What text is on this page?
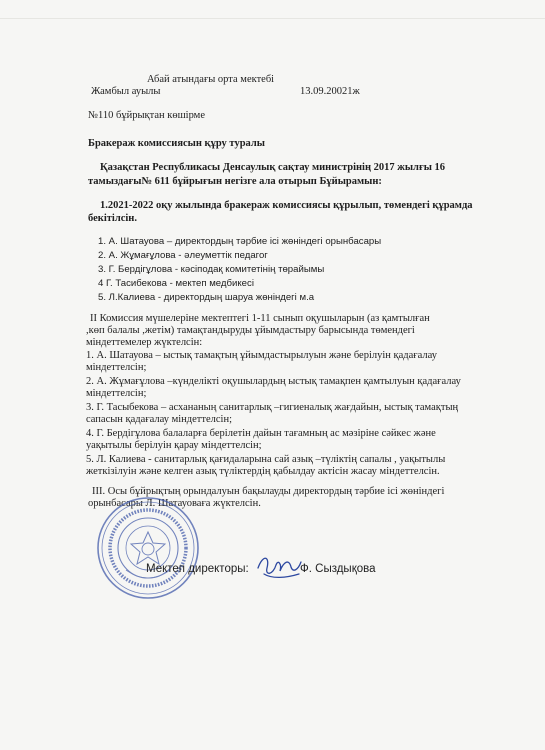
Абай атындағы орта мектебі
Жамбыл ауылы	13.09.20021ж
№110 бұйрықтан көшірме
Бракераж комиссиясын құру туралы
Қазақстан Республикасы Денсаулық сақтау министрінің 2017 жылғы 16
тамыздағы№ 611 бұйрығын негізге ала отырып Бұйырамын:
1.2021-2022 оқу жылында бракераж комиссиясы құрылып, төмендегі құрамда
бекітілсін.
1. А. Шатауова – директордың тәрбие ісі жөніндегі орынбасары
2. А. Жұмағұлова - әлеуметтік педагог
3. Г. Бердігұлова - кәсіподақ комитетінің төрайымы
4 Г. Тасибекова - мектеп медбикесі
5. Л.Калиева - директордың шаруа жөніндегі м.а
II Комиссия мүшелеріне мектептегі 1-11 сынып оқушыларын (аз қамтылған
,көп балалы ,жетім) тамақтандыруды ұйымдастыру барысында төмендегі
міндеттемелер жүктелсін:
1. А. Шатауова – ыстық тамақтың ұйымдастырылуын және берілуін қадағалау
міндеттелсін;
2. А. Жұмағұлова –күнделікті оқушылардың ыстық тамақпен қамтылуын қадағалау
міндеттелсін;
3. Г. Тасыбекова – асхананың санитарлық –гигиеналық жағдайын, ыстық тамақтың
сапасын қадағалау міндеттелсін;
4. Г. Бердігұлова балаларға берілетін дайын тағамның ас мәзіріне сәйкес және
уақытылы берілуін қарау міндеттелсін;
5. Л. Калиева - санитарлық қағидаларына сай азық –түліктің сапалы , уақытылы
жеткізілуін және келген азық түліктердің қабылдау актісін жасау міндеттелсін.
III. Осы бұйрықтың орындалуын бақылауды директордың тәрбие ісі жөніндегі
орынбасары Л. Шатауоваға жүктелсін.
Мектеп директоры:	Ф. Сыздықова
